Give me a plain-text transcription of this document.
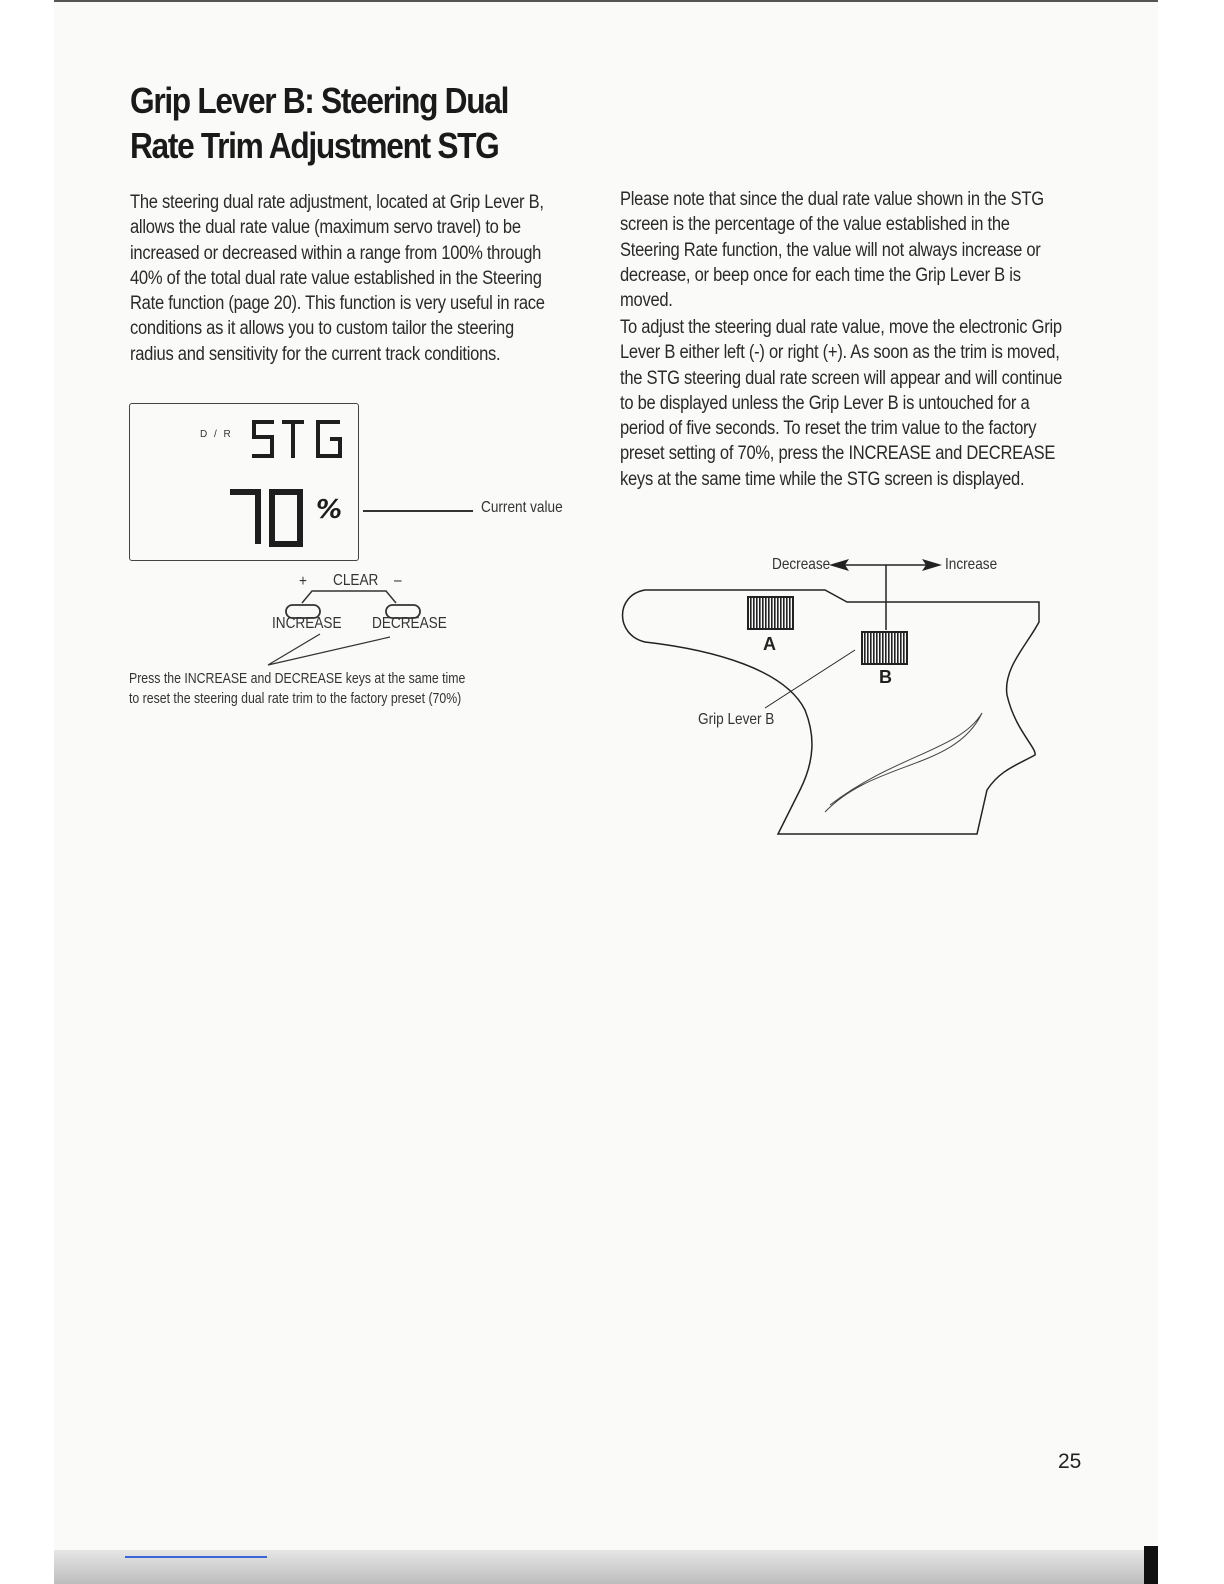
Grip Lever B: Steering Dual
Rate Trim Adjustment STG

The steering dual rate adjustment, located at Grip Lever B, allows the dual rate value (maximum servo travel) to be increased or decreased within a range from 100% through 40% of the total dual rate value established in the Steering Rate function (page 20). This function is very useful in race conditions as it allows you to custom tailor the steering radius and sensitivity for the current track conditions.

Please note that since the dual rate value shown in the STG screen is the percentage of the value established in the Steering Rate function, the value will not always increase or decrease, or beep once for each time the Grip Lever B is moved.

To adjust the steering dual rate value, move the electronic Grip Lever B either left (-) or right (+). As soon as the trim is moved, the STG steering dual rate screen will appear and will continue to be displayed unless the Grip Lever B is untouched for a period of five seconds. To reset the trim value to the factory preset setting of 70%, press the INCREASE and DECREASE keys at the same time while the STG screen is displayed.

D / R
STG
%	Current value
+ CLEAR –
INCREASE DECREASE

Press the INCREASE and DECREASE keys at the same time
to reset the steering dual rate trim to the factory preset (70%)

Decrease	Increase
A
B
Grip Lever B
25
